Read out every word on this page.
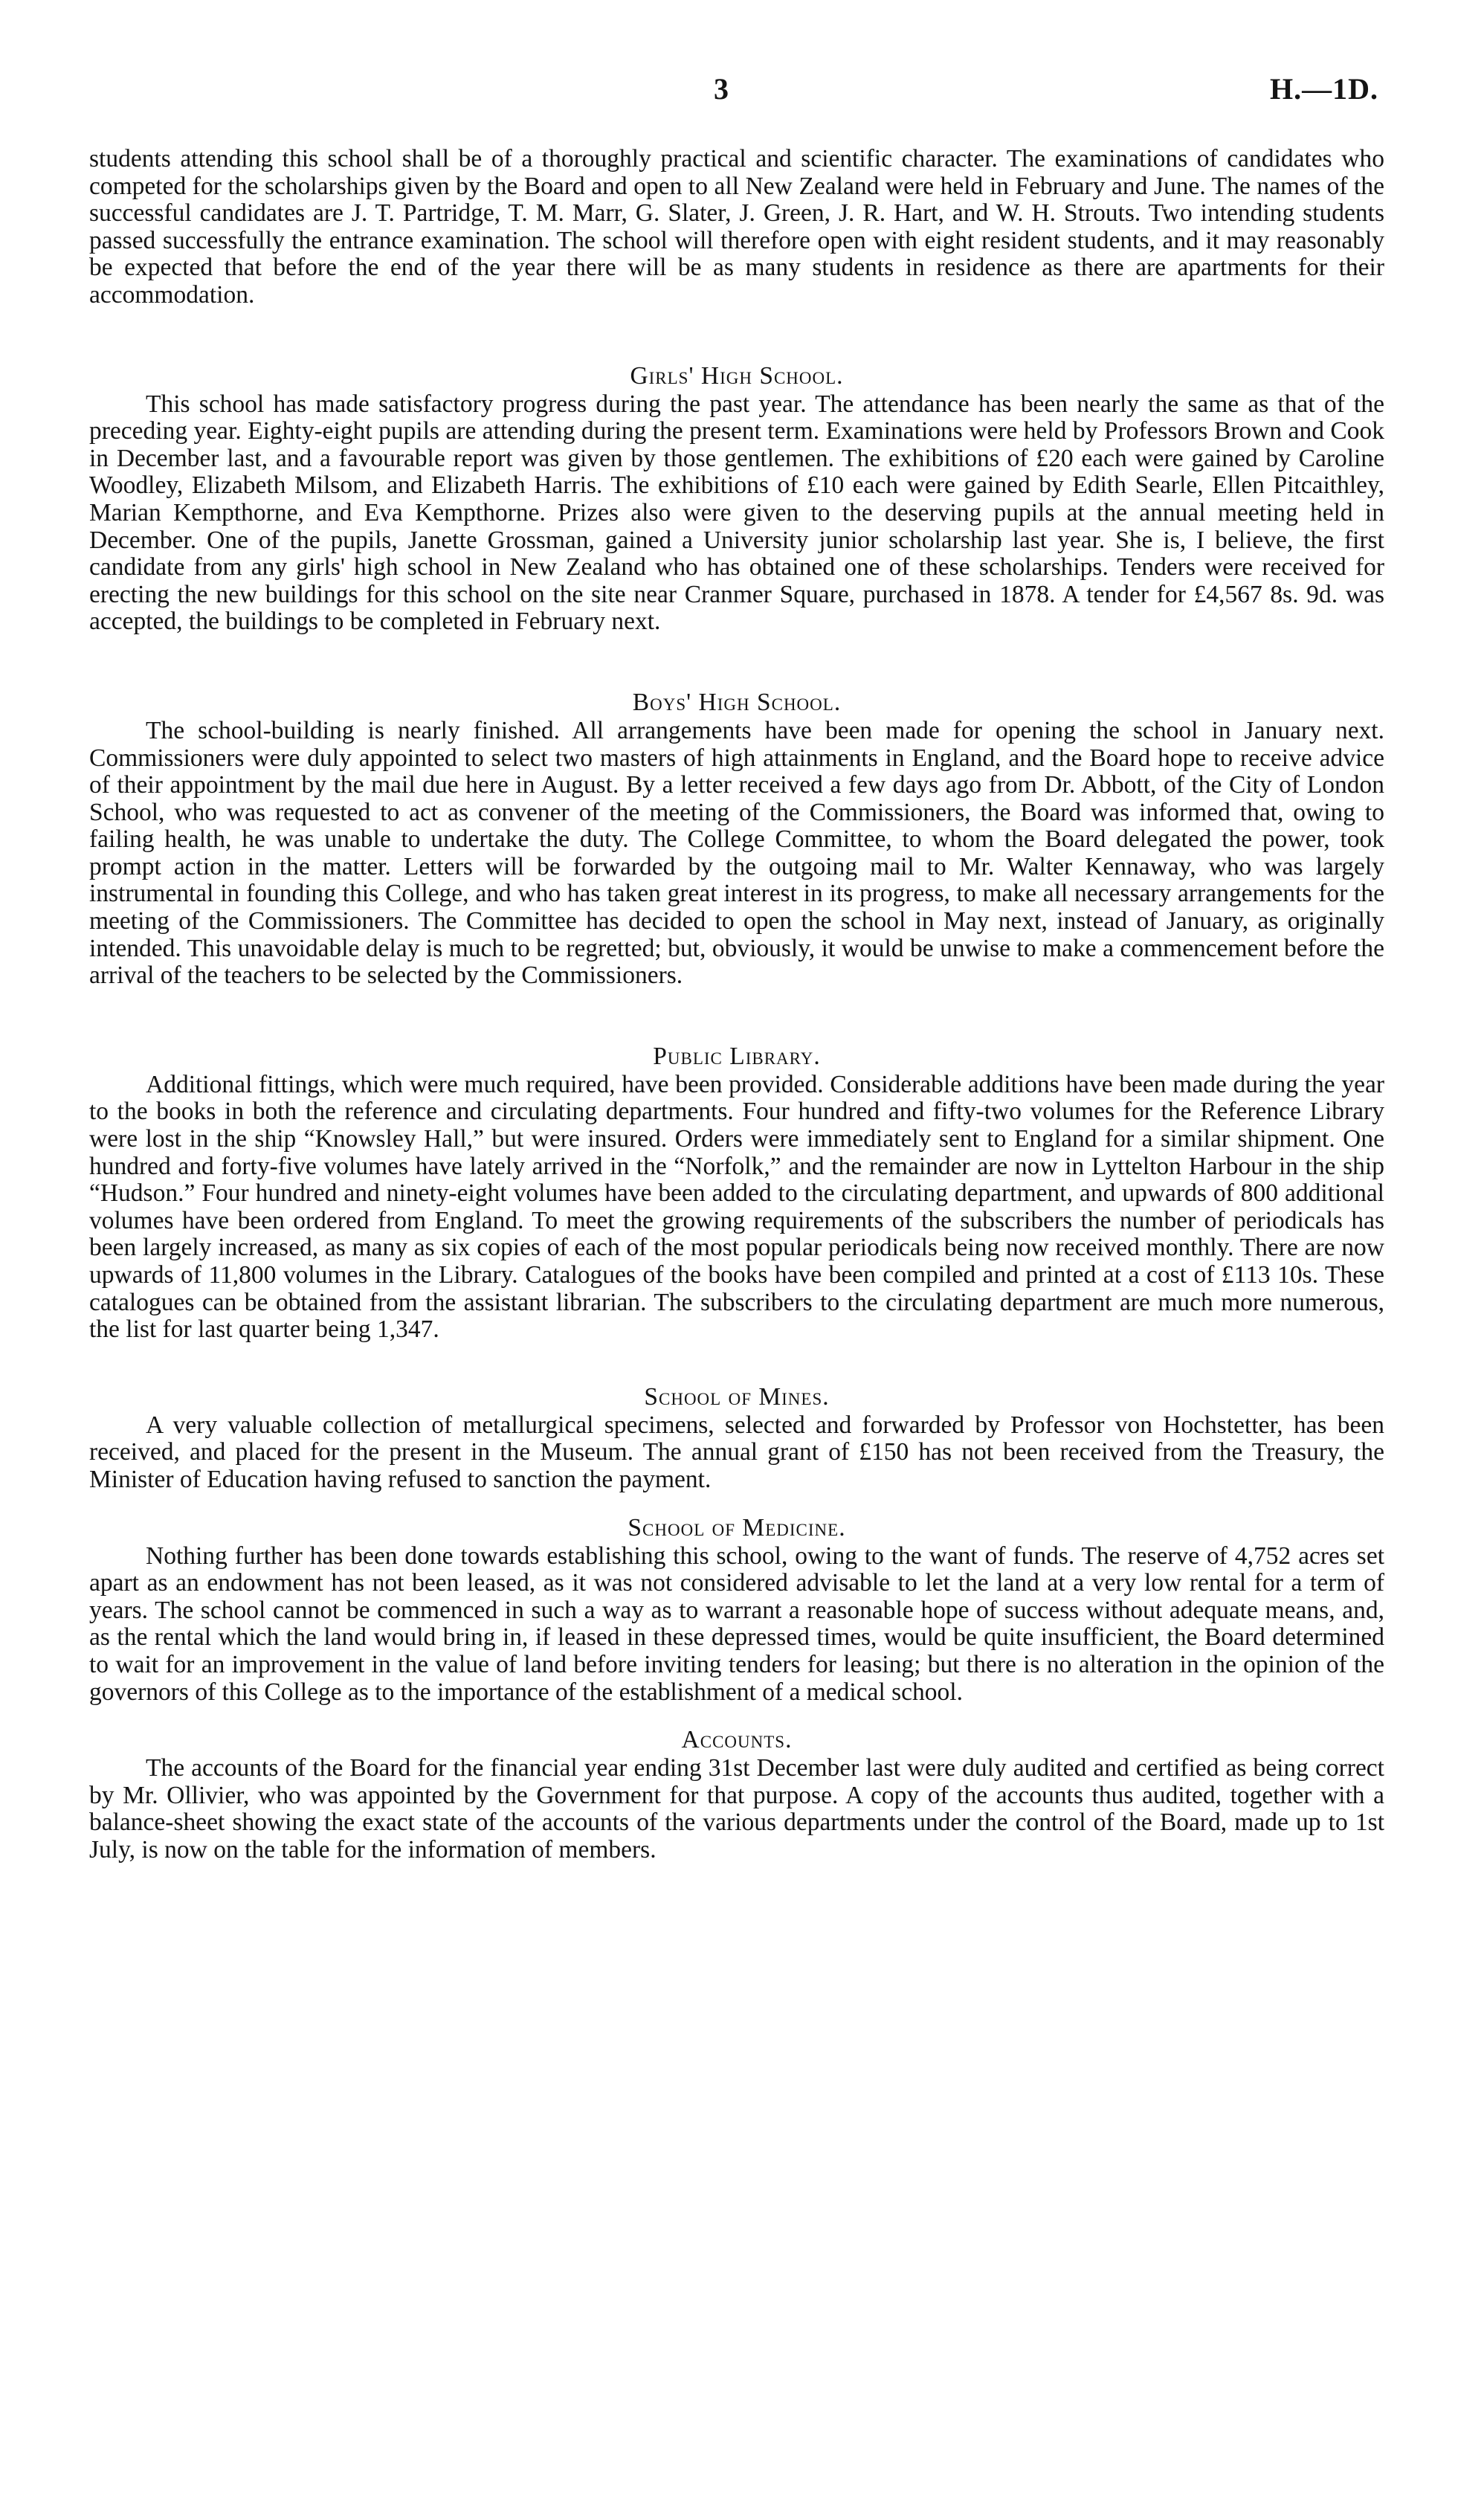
3	H.—1D.

students attending this school shall be of a thoroughly practical and scientific character. The examinations of candidates who competed for the scholarships given by the Board and open to all New Zealand were held in February and June. The names of the successful candidates are J. T. Partridge, T. M. Marr, G. Slater, J. Green, J. R. Hart, and W. H. Strouts. Two intending students passed successfully the entrance examination. The school will therefore open with eight resident students, and it may reasonably be expected that before the end of the year there will be as many students in residence as there are apartments for their accommodation.

Girls' High School.

This school has made satisfactory progress during the past year. The attendance has been nearly the same as that of the preceding year. Eighty-eight pupils are attending during the present term. Examinations were held by Professors Brown and Cook in December last, and a favourable report was given by those gentlemen. The exhibitions of £20 each were gained by Caroline Woodley, Elizabeth Milsom, and Elizabeth Harris. The exhibitions of £10 each were gained by Edith Searle, Ellen Pitcaithley, Marian Kempthorne, and Eva Kempthorne. Prizes also were given to the deserving pupils at the annual meeting held in December. One of the pupils, Janette Grossman, gained a University junior scholarship last year. She is, I believe, the first candidate from any girls' high school in New Zealand who has obtained one of these scholarships. Tenders were received for erecting the new buildings for this school on the site near Cranmer Square, purchased in 1878. A tender for £4,567 8s. 9d. was accepted, the buildings to be completed in February next.

Boys' High School.

The school-building is nearly finished. All arrangements have been made for opening the school in January next. Commissioners were duly appointed to select two masters of high attainments in England, and the Board hope to receive advice of their appointment by the mail due here in August. By a letter received a few days ago from Dr. Abbott, of the City of London School, who was requested to act as convener of the meeting of the Commissioners, the Board was informed that, owing to failing health, he was unable to undertake the duty. The College Committee, to whom the Board delegated the power, took prompt action in the matter. Letters will be forwarded by the outgoing mail to Mr. Walter Kennaway, who was largely instrumental in founding this College, and who has taken great interest in its progress, to make all necessary arrangements for the meeting of the Commissioners. The Committee has decided to open the school in May next, instead of January, as originally intended. This unavoidable delay is much to be regretted; but, obviously, it would be unwise to make a commencement before the arrival of the teachers to be selected by the Commissioners.

Public Library.

Additional fittings, which were much required, have been provided. Considerable additions have been made during the year to the books in both the reference and circulating departments. Four hundred and fifty-two volumes for the Reference Library were lost in the ship “Knowsley Hall,” but were insured. Orders were immediately sent to England for a similar shipment. One hundred and forty-five volumes have lately arrived in the “Norfolk,” and the remainder are now in Lyttelton Harbour in the ship “Hudson.” Four hundred and ninety-eight volumes have been added to the circulating department, and upwards of 800 additional volumes have been ordered from England. To meet the growing requirements of the subscribers the number of periodicals has been largely increased, as many as six copies of each of the most popular periodicals being now received monthly. There are now upwards of 11,800 volumes in the Library. Catalogues of the books have been compiled and printed at a cost of £113 10s. These catalogues can be obtained from the assistant librarian. The subscribers to the circulating department are much more numerous, the list for last quarter being 1,347.

School of Mines.

A very valuable collection of metallurgical specimens, selected and forwarded by Professor von Hochstetter, has been received, and placed for the present in the Museum. The annual grant of £150 has not been received from the Treasury, the Minister of Education having refused to sanction the payment.

School of Medicine.

Nothing further has been done towards establishing this school, owing to the want of funds. The reserve of 4,752 acres set apart as an endowment has not been leased, as it was not considered advisable to let the land at a very low rental for a term of years. The school cannot be commenced in such a way as to warrant a reasonable hope of success without adequate means, and, as the rental which the land would bring in, if leased in these depressed times, would be quite insufficient, the Board determined to wait for an improvement in the value of land before inviting tenders for leasing; but there is no alteration in the opinion of the governors of this College as to the importance of the establishment of a medical school.

Accounts.

The accounts of the Board for the financial year ending 31st December last were duly audited and certified as being correct by Mr. Ollivier, who was appointed by the Government for that purpose. A copy of the accounts thus audited, together with a balance-sheet showing the exact state of the accounts of the various departments under the control of the Board, made up to 1st July, is now on the table for the information of members.
